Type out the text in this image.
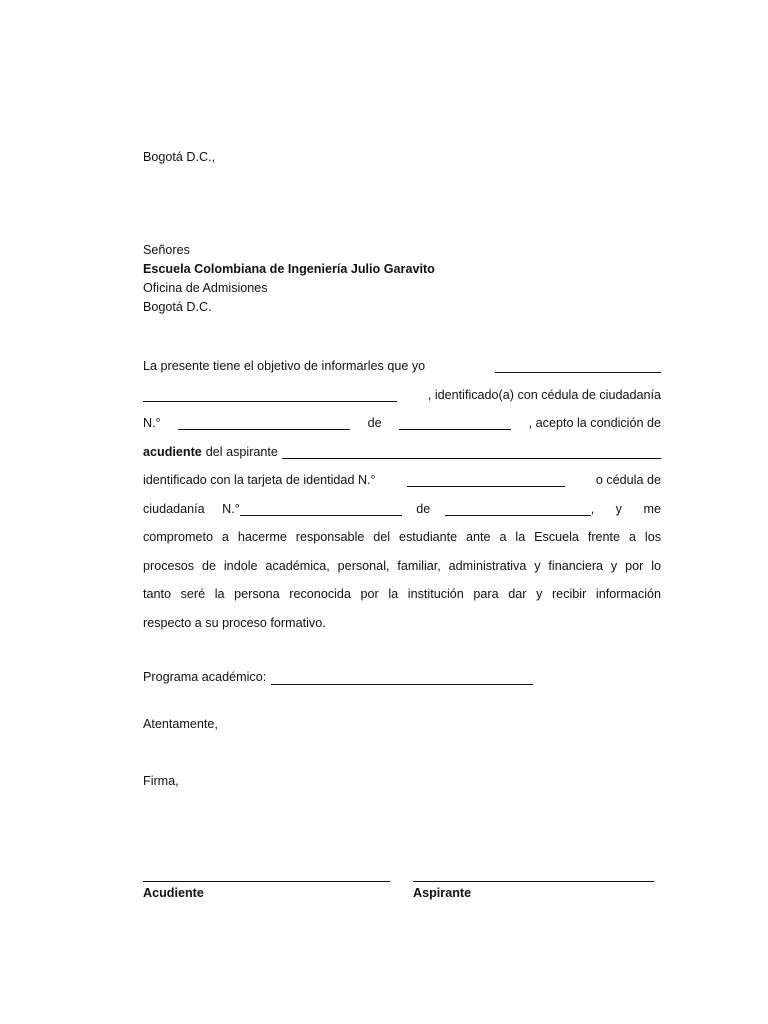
Bogotá D.C.,
Señores
Escuela Colombiana de Ingeniería Julio Garavito
Oficina de Admisiones
Bogotá D.C.
La presente tiene el objetivo de informarles que yo
, identificado(a) con cédula de ciudadanía
N.°	de	, acepto la condición de
acudiente del aspirante
identificado con la tarjeta de identidad N.°	o cédula de
ciudadanía N.°	de	, y me
comprometo a hacerme responsable del estudiante ante a la Escuela frente a los
procesos de indole académica, personal, familiar, administrativa y financiera y por lo
tanto seré la persona reconocida por la institución para dar y recibir información
respecto a su proceso formativo.
Programa académico:
Atentamente,
Firma,
Acudiente	Aspirante
